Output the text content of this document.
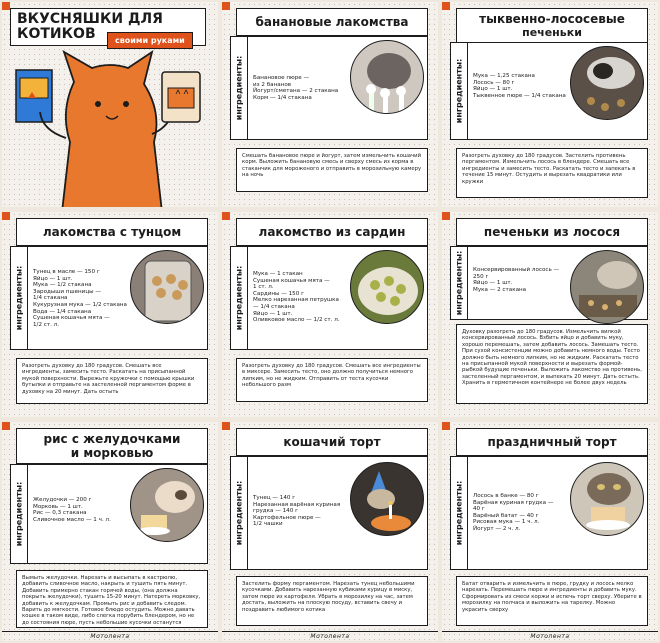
ВКУСНЯШКИ ДЛЯ
КОТИКОВ	своими руками
банановые лакомства
ингредиенты: Банановое пюре —
из 2 бананов
Йогурт/сметана — 2 стакана
Корм — 1/4 стакана
Смешать банановое пюре и йогурт, затем измельчить кошачий корм. Выложить банановую смесь и сверху смесь из корма в стаканчик для мороженого и отправить в морозильную камеру на ночь
тыквенно-лососевые
печеньки
ингредиенты: Мука — 1,25 стакана
Лосось — 80 г
Яйцо — 1 шт.
Тыквенное пюре — 1/4 стакана
Разогреть духовку до 180 градусов. Застелить противень пергаментом. Измельчить лосось в блендере. Смешать все ингредиенты и замесить тесто. Раскатать тесто и запекать в течение 15 минут. Остудить и вырезать квадратики или кружки
лакомства с тунцом
ингредиенты: Тунец в масле — 150 г
Яйцо — 1 шт.
Мука — 1/2 стакана
Зародыши пшеницы —
1/4 стакана
Кукурузная мука — 1/2 стакана
Вода — 1/4 стакана
Сушеная кошачья мята —
1/2 ст. л.
Разогреть духовку до 180 градусов. Смешать все ингредиенты, замесить тесто. Раскатать на присыпанной мукой поверхности. Вырежьте кружочки с помощью крышки бутылки и отправьте на застеленной пергаментом форме в духовку на 20 минут. Дать остыть
лакомство из сардин
ингредиенты: Мука — 1 стакан
Сушеная кошачья мята —
1 ст. л.
Сардины — 150 г
Мелко нарезанная петрушка
— 1/4 стакана
Яйцо — 1 шт.
Оливковое масло — 1/2 ст. л.
Разогреть духовку до 180 градусов. Смешать все ингредиенты в миксере. Замесить тесто, оно должно получиться немного липким, но не жидким. Отправить от теста кусочки небольшого разм
печеньки из лосося
ингредиенты: Консервированный лосось —
250 г
Яйцо — 1 шт.
Мука — 2 стакана
Духовку разогреть до 180 градусов. Измельчить вилкой консервированный лосось. Взбить яйцо и добавить муку, хорошо перемешать, затем добавить лосось. Замешать тесто. При сухой консистенции можно добавить немного воды. Тесто должно быть немного липким, но не жидким. Раскатать тесто на присыпанной мукой поверхности и вырезать формой-рыбкой будущие печеньки. Выложить лакомство на противень, застеленный пергаментом, и выпекать 20 минут. Дать остыть. Хранить в герметичном контейнере не более двух недель
рис с желудочками
и морковью
ингредиенты: Желудочки — 200 г
Морковь — 1 шт.
Рис — 0,3 стакана
Сливочное масло — 1 ч. л.
Вымыть желудочки. Нарезать и высыпать в кастрюлю, добавить сливочное масло, накрыть и тушить пять минут. Добавить примерно стакан горячей воды, (она должна покрыть желудочки), тушить 15-20 минут. Натереть морковку, добавить к желудочкам. Промыть рис и добавить следом. Варить до мягкости. Готовое блюдо остудить. Можно давать кошке в таком виде, либо слегка порубить блендером, но не до состояния пюре, пусть небольшие кусочки останутся
Мотолента
кошачий торт
ингредиенты: Тунец — 140 г
Нарезанная варёная куриная
грудка — 140 г
Картофельное пюре —
1/2 чашки
Застелить форму пергаментом. Нарезать тунец небольшими кусочками. Добавить нарезанную кубиками курицу в миску, затем пюре из картофеля. Убрать в морозилку на час, затем достать, выложить на плоскую посуду, вставить свечу и поздравить любимого котика
Мотолента
праздничный торт
ингредиенты: Лосось в банке — 80 г
Варёная куриная грудка —
40 г
Варёный батат — 40 г
Рисовая мука — 1 ч. л.
Йогурт — 2 ч. л.
Батат отварить и измельчить в пюре, грудку и лосось мелко нарезать. Перемешать пюре и ингредиенты и добавить муку. Сформировать из смеси коржи и испечь торт сверху. Уберите в морозилку на полчаса и выложить на тарелку. Можно украсить сверху
Мотолента
